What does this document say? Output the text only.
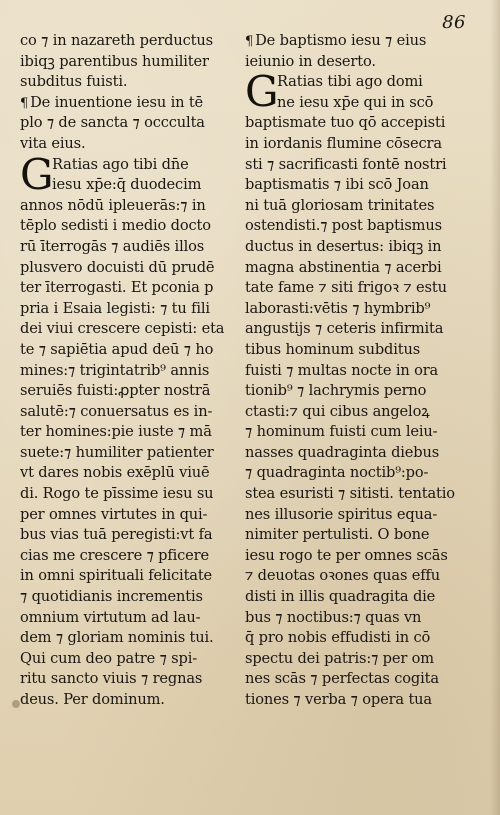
86
co ⁊ in nazareth perductus
ibiqꝫ parentibus humiliter
subditus fuisti.
¶ De inuentione iesu in tē
plo ⁊ de sancta ⁊ occculta
vita eius.
G
Ratias ago tibi dn̄e
iesu xp̄e:q̄ duodecim
annos nōdū ipleuerās:⁊ in
tēplo sedisti i medio docto
rū īterrogās ⁊ audiēs illos
plusvero docuisti dū prudē
ter īterrogasti. Et pconia p
pria i Esaia legisti: ⁊ tu fili
dei viui crescere cepisti: eta
te ⁊ sapiētia apud deū ⁊ ho
mines:⁊ trigintatrib⁹ annis
seruiēs fuisti:ꝓpter nostrā
salutē:⁊ conuersatus es in-
ter homines:pie iuste ⁊ mā
suete:⁊ humiliter patienter
vt dares nobis exēplū viuē
di. Rogo te pīssime iesu su
per omnes virtutes in qui-
bus vias tuā peregisti:vt fa
cias me crescere ⁊ pficere
in omni spirituali felicitate
⁊ quotidianis incrementis
omnium virtutum ad lau-
dem ⁊ gloriam nominis tui.
Qui cum deo patre ⁊ spi-
ritu sancto viuis ⁊ regnas
deus. Per dominum.
¶ De baptismo iesu ⁊ eius
ieiunio in deserto.
G
Ratias tibi ago domi
ne iesu xp̄e qui in scō
baptismate tuo qō accepisti
in iordanis flumine cōsecra
sti ⁊ sacrificasti fontē nostri
baptismatis ⁊ ibi scō Joan
ni tuā gloriosam trinitates
ostendisti.⁊ post baptismus
ductus in desertus: ibiqꝫ in
magna abstinentia ⁊ acerbi
tate fame ⁊ siti frigoꝛ ⁊ estu
laborasti:vētis ⁊ hymbrib⁹
angustijs ⁊ ceteris infirmita
tibus hominum subditus
fuisti ⁊ multas nocte in ora
tionib⁹ ⁊ lachrymis perno
ctasti:⁊ qui cibus angeloꝝ
⁊ hominum fuisti cum leiu-
nasses quadraginta diebus
⁊ quadraginta noctib⁹:po-
stea esuristi ⁊ sitisti. tentatio
nes illusorie spiritus equa-
nimiter pertulisti. O bone
iesu rogo te per omnes scās
⁊ deuotas oꝛones quas effu
disti in illis quadragita die
bus ⁊ noctibus:⁊ quas vn
q̄ pro nobis effudisti in cō
spectu dei patris:⁊ per om
nes scās ⁊ perfectas cogita
tiones ⁊ verba ⁊ opera tua
